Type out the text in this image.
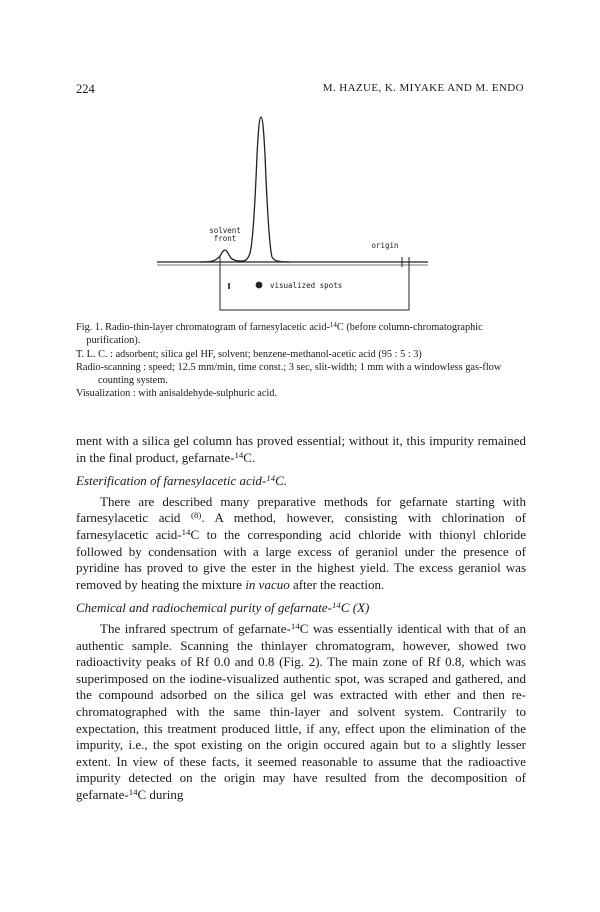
224	M. HAZUE, K. MIYAKE AND M. ENDO
solvent
front
origin
visualized spots

Fig. 1. Radio-thin-layer chromatogram of farnesylacetic acid-$^{14}$C (before column-chromatographic purification).

T. L. C. : adsorbent; silica gel HF, solvent; benzene-methanol-acetic acid (95 : 5 : 3)

Radio-scanning : speed; 12.5 mm/min, time const.; 3 sec, slit-width; 1 mm with a windowless gas-flow counting system.

Visualization : with anisaldehyde-sulphuric acid.

ment with a silica gel column has proved essential; without it, this impurity remained in the final product, gefarnate-$^{14}$C.

Esterification of farnesylacetic acid-$^{14}$C.

There are described many preparative methods for gefarnate starting with farnesylacetic acid $^{(8)}$. A method, however, consisting with chlorination of farnesylacetic acid-$^{14}$C to the corresponding acid chloride with thionyl chloride followed by condensation with a large excess of geraniol under the presence of pyridine has proved to give the ester in the highest yield. The excess geraniol was removed by heating the mixture in vacuo after the reaction.

Chemical and radiochemical purity of gefarnate-$^{14}$C (X)

The infrared spectrum of gefarnate-$^{14}$C was essentially identical with that of an authentic sample. Scanning the thinlayer chromatogram, however, showed two radioactivity peaks of Rf 0.0 and 0.8 (Fig. 2). The main zone of Rf 0.8, which was superimposed on the iodine-visualized authentic spot, was scraped and gathered, and the compound adsorbed on the silica gel was extracted with ether and then re-chromatographed with the same thin-layer and solvent system. Contrarily to expectation, this treatment produced little, if any, effect upon the elimination of the impurity, i.e., the spot existing on the origin occured again but to a slightly lesser extent. In view of these facts, it seemed reasonable to assume that the radioactive impurity detected on the origin may have resulted from the decomposition of gefarnate-$^{14}$C during
